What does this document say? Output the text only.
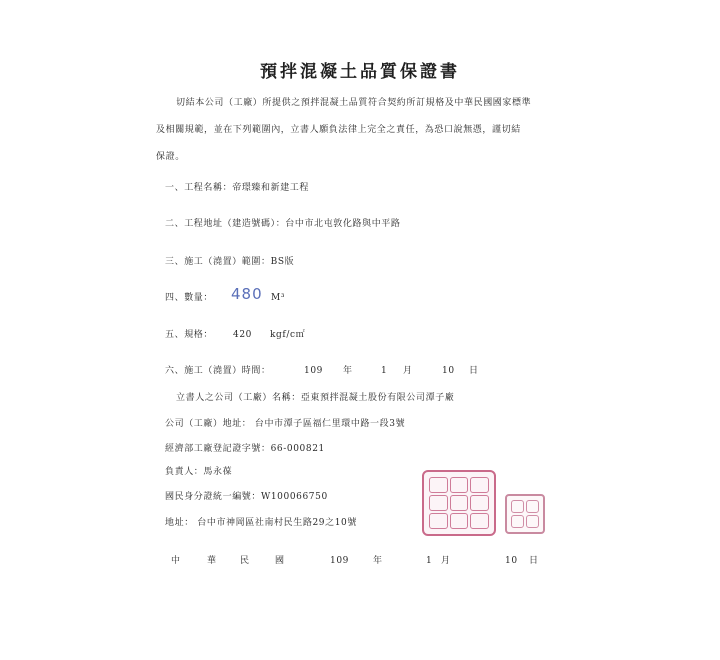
預拌混凝土品質保證書
切結本公司（工廠）所提供之預拌混凝土品質符合契約所訂規格及中華民國國家標準
及相關規範，並在下列範圍內，立書人願負法律上完全之責任，為恐口說無憑，謹切結
保證。
一、工程名稱：帝璟臻和新建工程
二、工程地址（建造號碼）：台中市北屯敦化路與中平路
三、施工（澆置）範圍：BS版
四、數量： 480 M³
五、規格： 420 kgf/c㎡
六、施工（澆置）時間：	109 年	1 月	10 日
立書人之公司（工廠）名稱：亞東預拌混凝土股份有限公司潭子廠
公司（工廠）地址： 台中市潭子區福仁里環中路一段3號
經濟部工廠登記證字號：66-000821
負責人：馬永葆
國民身分證統一編號：W100066750
地址： 台中市神岡區社南村民生路29之10號
中	華	民	國	109	年	1 月	10 日
